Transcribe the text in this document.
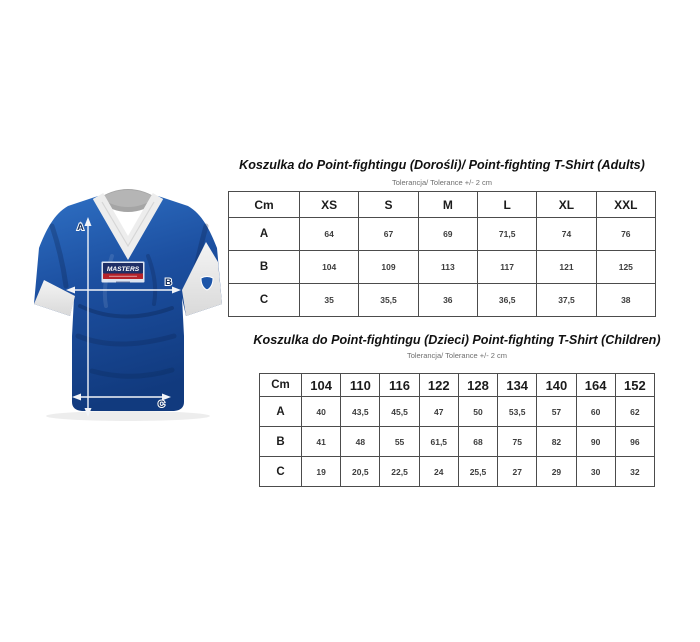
MASTERS
A
B
C
Koszulka do Point-fightingu (Dorośli)/ Point-fighting T-Shirt (Adults)
Tolerancja/ Tolerance +/- 2 cm
Cm	XS	S	M	L	XL	XXL
A	64	67	69	71,5	74	76
B	104	109	113	117	121	125
C	35	35,5	36	36,5	37,5	38
Koszulka do Point-fightingu (Dzieci) Point-fighting T-Shirt (Children)
Tolerancja/ Tolerance +/- 2 cm
Cm	104	110	116	122	128	134	140	164	152
A	40	43,5	45,5	47	50	53,5	57	60	62
B	41	48	55	61,5	68	75	82	90	96
C	19	20,5	22,5	24	25,5	27	29	30	32
